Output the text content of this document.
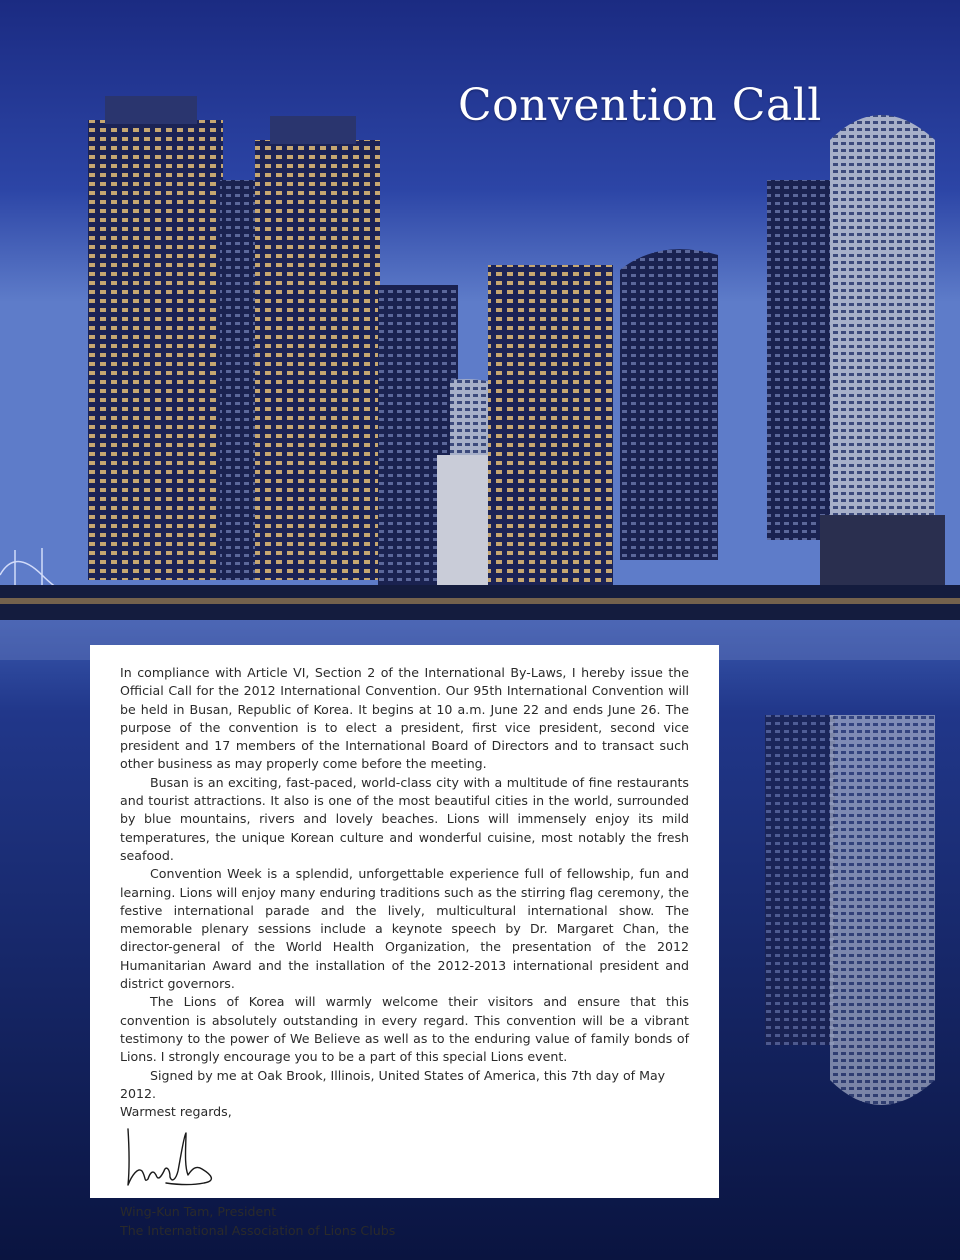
Convention Call

In compliance with Article VI, Section 2 of the International By-Laws, I hereby issue the Official Call for the 2012 International Convention. Our 95th International Convention will be held in Busan, Republic of Korea. It begins at 10 a.m. June 22 and ends June 26. The purpose of the convention is to elect a president, first vice president, second vice president and 17 members of the International Board of Directors and to transact such other business as may properly come before the meeting.

Busan is an exciting, fast-paced, world-class city with a multitude of fine restaurants and tourist attractions. It also is one of the most beautiful cities in the world, surrounded by blue mountains, rivers and lovely beaches. Lions will immensely enjoy its mild temperatures, the unique Korean culture and wonderful cuisine, most notably the fresh seafood.

Convention Week is a splendid, unforgettable experience full of fellowship, fun and learning. Lions will enjoy many enduring traditions such as the stirring flag ceremony, the festive international parade and the lively, multicultural international show. The memorable plenary sessions include a keynote speech by Dr. Margaret Chan, the director-general of the World Health Organization, the presentation of the 2012 Humanitarian Award and the installation of the 2012-2013 international president and district governors.

The Lions of Korea will warmly welcome their visitors and ensure that this convention is absolutely outstanding in every regard. This convention will be a vibrant testimony to the power of We Believe as well as to the enduring value of family bonds of Lions. I strongly encourage you to be a part of this special Lions event.

Signed by me at Oak Brook, Illinois, United States of America, this 7th day of May 2012.

Warmest regards,

Wing-Kun Tam, President

The International Association of Lions Clubs
